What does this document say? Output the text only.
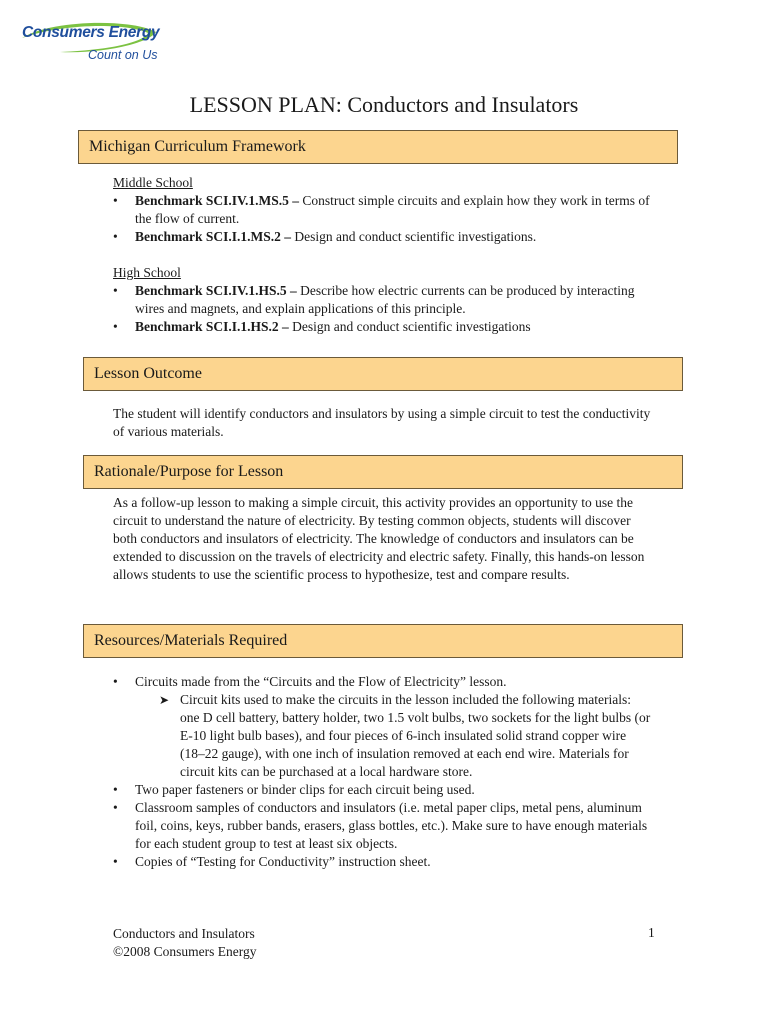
Consumers Energy
Count on Us
LESSON PLAN: Conductors and Insulators
Michigan Curriculum Framework
Middle School
•	Benchmark SCI.IV.1.MS.5 – Construct simple circuits and explain how they work in terms of the flow of current.
•	Benchmark SCI.I.1.MS.2 – Design and conduct scientific investigations.
High School
•	Benchmark SCI.IV.1.HS.5 – Describe how electric currents can be produced by interacting wires and magnets, and explain applications of this principle.
•	Benchmark SCI.I.1.HS.2 – Design and conduct scientific investigations
Lesson Outcome

The student will identify conductors and insulators by using a simple circuit to test the conductivity of various materials.

Rationale/Purpose for Lesson

As a follow-up lesson to making a simple circuit, this activity provides an opportunity to use the circuit to understand the nature of electricity. By testing common objects, students will discover both conductors and insulators of electricity. The knowledge of conductors and insulators can be extended to discussion on the travels of electricity and electric safety. Finally, this hands-on lesson allows students to use the scientific process to hypothesize, test and compare results.

Resources/Materials Required
•	Circuits made from the “Circuits and the Flow of Electricity” lesson.
➤ Circuit kits used to make the circuits in the lesson included the following materials: one D cell battery, battery holder, two 1.5 volt bulbs, two sockets for the light bulbs (or E-10 light bulb bases), and four pieces of 6-inch insulated solid strand copper wire (18–22 gauge), with one inch of insulation removed at each end wire. Materials for circuit kits can be purchased at a local hardware store.
•	Two paper fasteners or binder clips for each circuit being used.
•	Classroom samples of conductors and insulators (i.e. metal paper clips, metal pens, aluminum foil, coins, keys, rubber bands, erasers, glass bottles, etc.). Make sure to have enough materials for each student group to test at least six objects.
•	Copies of “Testing for Conductivity” instruction sheet.
Conductors and Insulators
©2008 Consumers Energy
1
